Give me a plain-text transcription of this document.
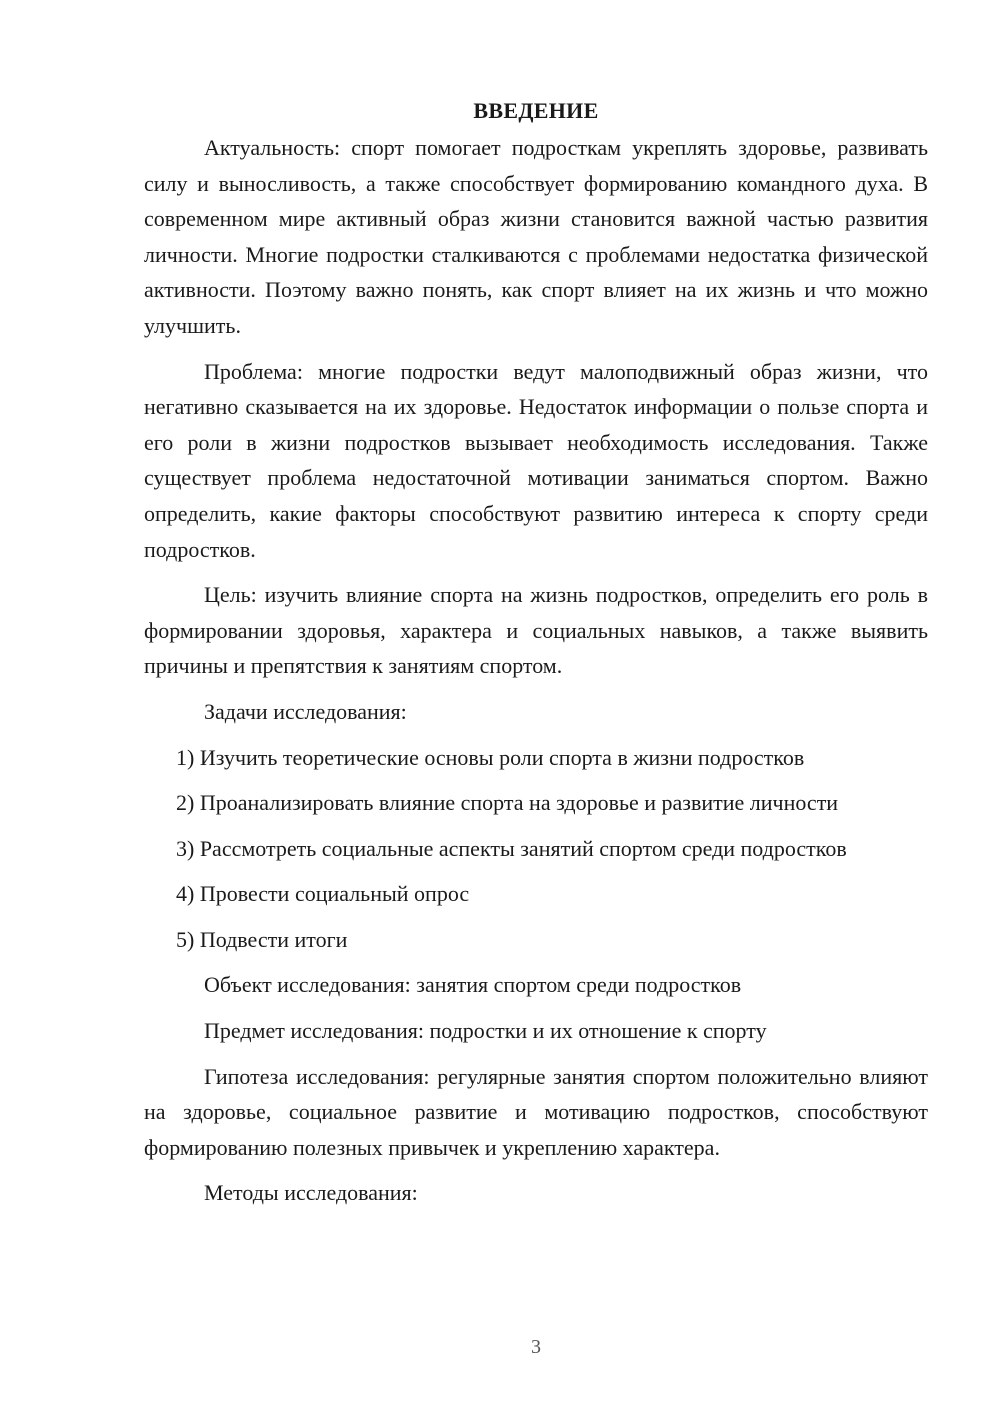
ВВЕДЕНИЕ

Актуальность: спорт помогает подросткам укреплять здоровье, развивать силу и выносливость, а также способствует формированию командного духа. В современном мире активный образ жизни становится важной частью развития личности. Многие подростки сталкиваются с проблемами недостатка физической активности. Поэтому важно понять, как спорт влияет на их жизнь и что можно улучшить.

Проблема: многие подростки ведут малоподвижный образ жизни, что негативно сказывается на их здоровье. Недостаток информации о пользе спорта и его роли в жизни подростков вызывает необходимость исследования. Также существует проблема недостаточной мотивации заниматься спортом. Важно определить, какие факторы способствуют развитию интереса к спорту среди подростков.

Цель: изучить влияние спорта на жизнь подростков, определить его роль в формировании здоровья, характера и социальных навыков, а также выявить причины и препятствия к занятиям спортом.

Задачи исследования:

1) Изучить теоретические основы роли спорта в жизни подростков

2) Проанализировать влияние спорта на здоровье и развитие личности

3) Рассмотреть социальные аспекты занятий спортом среди подростков

4) Провести социальный опрос

5) Подвести итоги

Объект исследования: занятия спортом среди подростков

Предмет исследования: подростки и их отношение к спорту

Гипотеза исследования: регулярные занятия спортом положительно влияют на здоровье, социальное развитие и мотивацию подростков, способствуют формированию полезных привычек и укреплению характера.

Методы исследования:

3
